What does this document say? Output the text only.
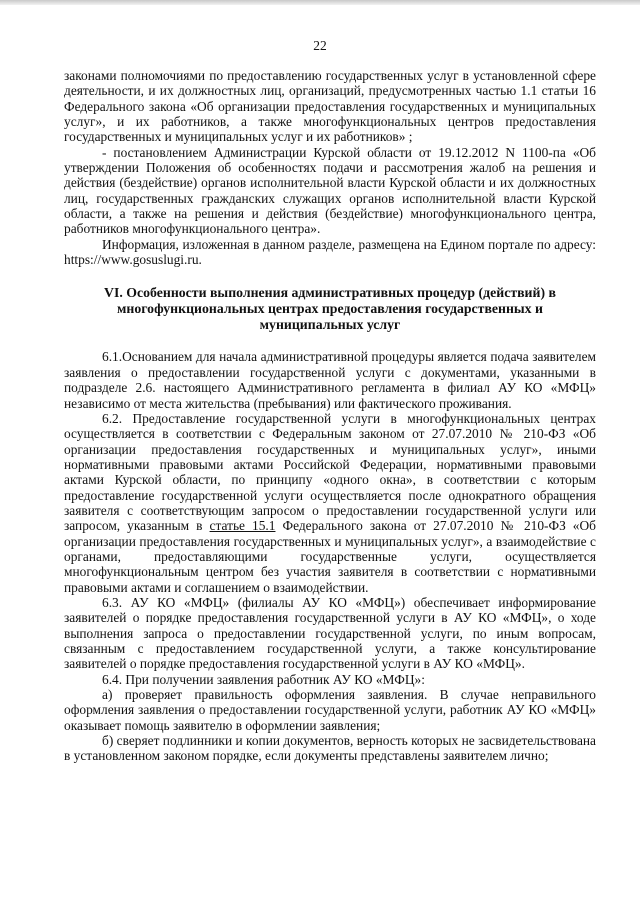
22

законами полномочиями по предоставлению государственных услуг в установленной сфере деятельности, и их должностных лиц, организаций, предусмотренных частью 1.1 статьи 16 Федерального закона «Об организации предоставления государственных и муниципальных услуг», и их работников, а также многофункциональных центров предоставления государственных и муниципальных услуг и их работников» ;

- постановлением Администрации Курской области от 19.12.2012 N 1100-па «Об утверждении Положения об особенностях подачи и рассмотрения жалоб на решения и действия (бездействие) органов исполнительной власти Курской области и их должностных лиц, государственных гражданских служащих органов исполнительной власти Курской области, а также на решения и действия (бездействие) многофункционального центра, работников многофункционального центра».

Информация, изложенная в данном разделе, размещена на Едином портале по адресу: https://www.gosuslugi.ru.

VI. Особенности выполнения административных процедур (действий) в многофункциональных центрах предоставления государственных и муниципальных услуг

6.1.Основанием для начала административной процедуры является подача заявителем заявления о предоставлении государственной услуги с документами, указанными в подразделе 2.6. настоящего Административного регламента в филиал АУ КО «МФЦ» независимо от места жительства (пребывания) или фактического проживания.

6.2. Предоставление государственной услуги в многофункциональных центрах осуществляется в соответствии с Федеральным законом от 27.07.2010 № 210-ФЗ «Об организации предоставления государственных и муниципальных услуг», иными нормативными правовыми актами Российской Федерации, нормативными правовыми актами Курской области, по принципу «одного окна», в соответствии с которым предоставление государственной услуги осуществляется после однократного обращения заявителя с соответствующим запросом о предоставлении государственной услуги или запросом, указанным в статье 15.1 Федерального закона от 27.07.2010 № 210-ФЗ «Об организации предоставления государственных и муниципальных услуг», а взаимодействие с органами, предоставляющими государственные услуги, осуществляется многофункциональным центром без участия заявителя в соответствии с нормативными правовыми актами и соглашением о взаимодействии.

6.3. АУ КО «МФЦ» (филиалы АУ КО «МФЦ») обеспечивает информирование заявителей о порядке предоставления государственной услуги в АУ КО «МФЦ», о ходе выполнения запроса о предоставлении государственной услуги, по иным вопросам, связанным с предоставлением государственной услуги, а также консультирование заявителей о порядке предоставления государственной услуги в АУ КО «МФЦ».

6.4. При получении заявления работник АУ КО «МФЦ»:

а) проверяет правильность оформления заявления. В случае неправильного оформления заявления о предоставлении государственной услуги, работник АУ КО «МФЦ» оказывает помощь заявителю в оформлении заявления;

б) сверяет подлинники и копии документов, верность которых не засвидетельствована в установленном законом порядке, если документы представлены заявителем лично;
